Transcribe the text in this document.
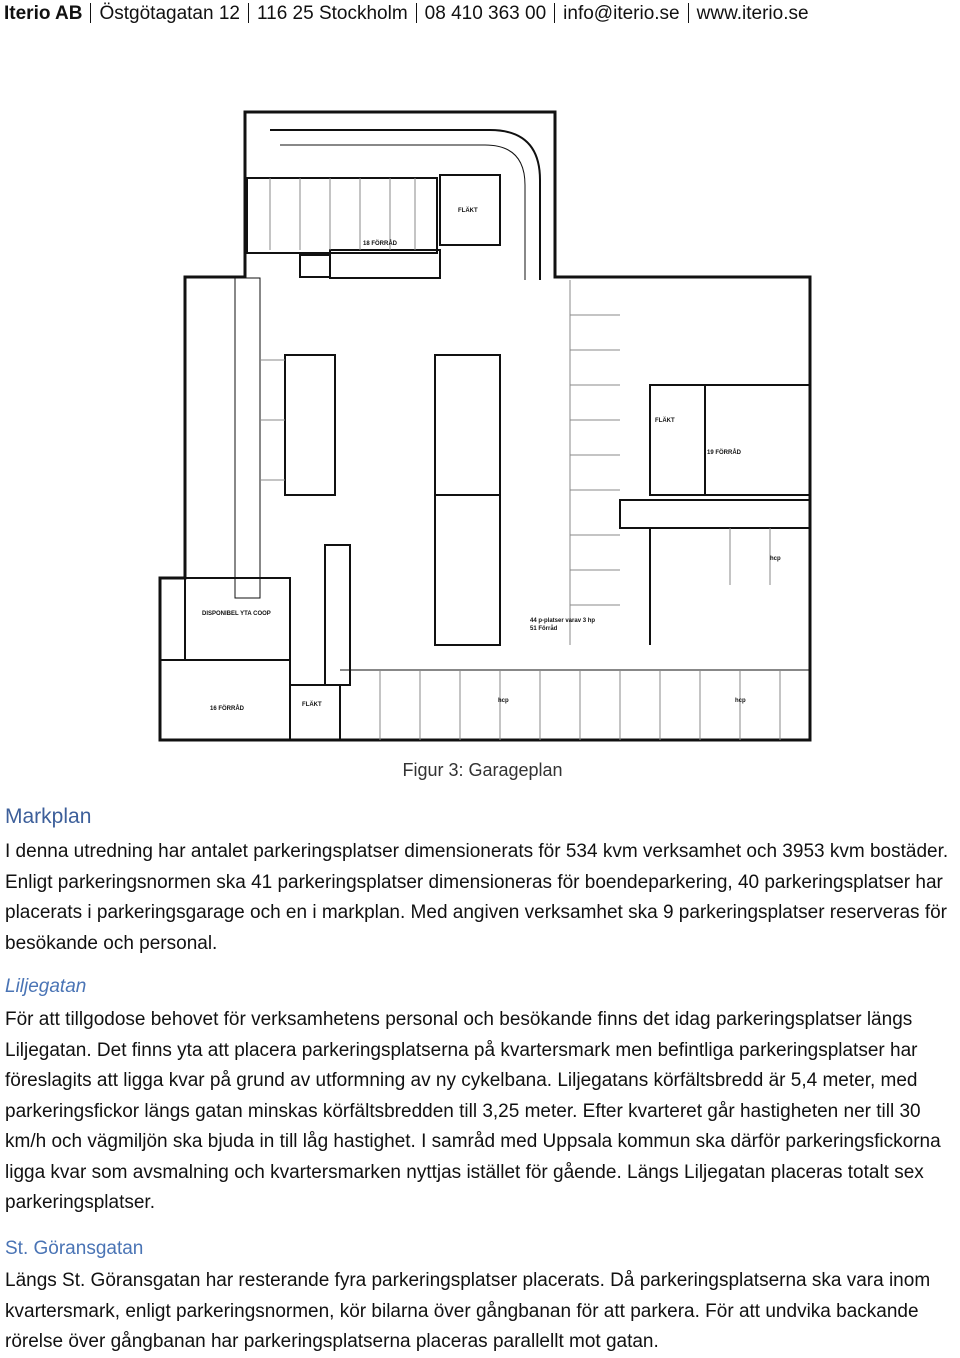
Iterio AB Östgötagatan 12 116 25 Stockholm 08 410 363 00 info@iterio.se www.iterio.se
FLÄKT
18 FÖRRÅD
FLÄKT
19 FÖRRÅD
hcp
DISPONIBEL YTA COOP
44 p-platser varav 3 hp
51 Förråd
hcp	hcp
16 FÖRRÅD
FLÄKT
Figur 3: Garageplan
Markplan
I denna utredning har antalet parkeringsplatser dimensionerats för 534 kvm verksamhet och 3953 kvm bostäder. Enligt parkeringsnormen ska 41 parkeringsplatser dimensioneras för boendeparkering, 40 parkeringsplatser har placerats i parkeringsgarage och en i markplan. Med angiven verksamhet ska 9 parkeringsplatser reserveras för besökande och personal.
Liljegatan
För att tillgodose behovet för verksamhetens personal och besökande finns det idag parkeringsplatser längs Liljegatan. Det finns yta att placera parkeringsplatserna på kvartersmark men befintliga parkeringsplatser har föreslagits att ligga kvar på grund av utformning av ny cykelbana. Liljegatans körfältsbredd är 5,4 meter, med parkeringsfickor längs gatan minskas körfältsbredden till 3,25 meter. Efter kvarteret går hastigheten ner till 30 km/h och vägmiljön ska bjuda in till låg hastighet. I samråd med Uppsala kommun ska därför parkeringsfickorna ligga kvar som avsmalning och kvartersmarken nyttjas istället för gående. Längs Liljegatan placeras totalt sex parkeringsplatser.
St. Göransgatan
Längs St. Göransgatan har resterande fyra parkeringsplatser placerats. Då parkeringsplatserna ska vara inom kvartersmark, enligt parkeringsnormen, kör bilarna över gångbanan för att parkera. För att undvika backande rörelse över gångbanan har parkeringsplatserna placeras parallellt mot gatan.
